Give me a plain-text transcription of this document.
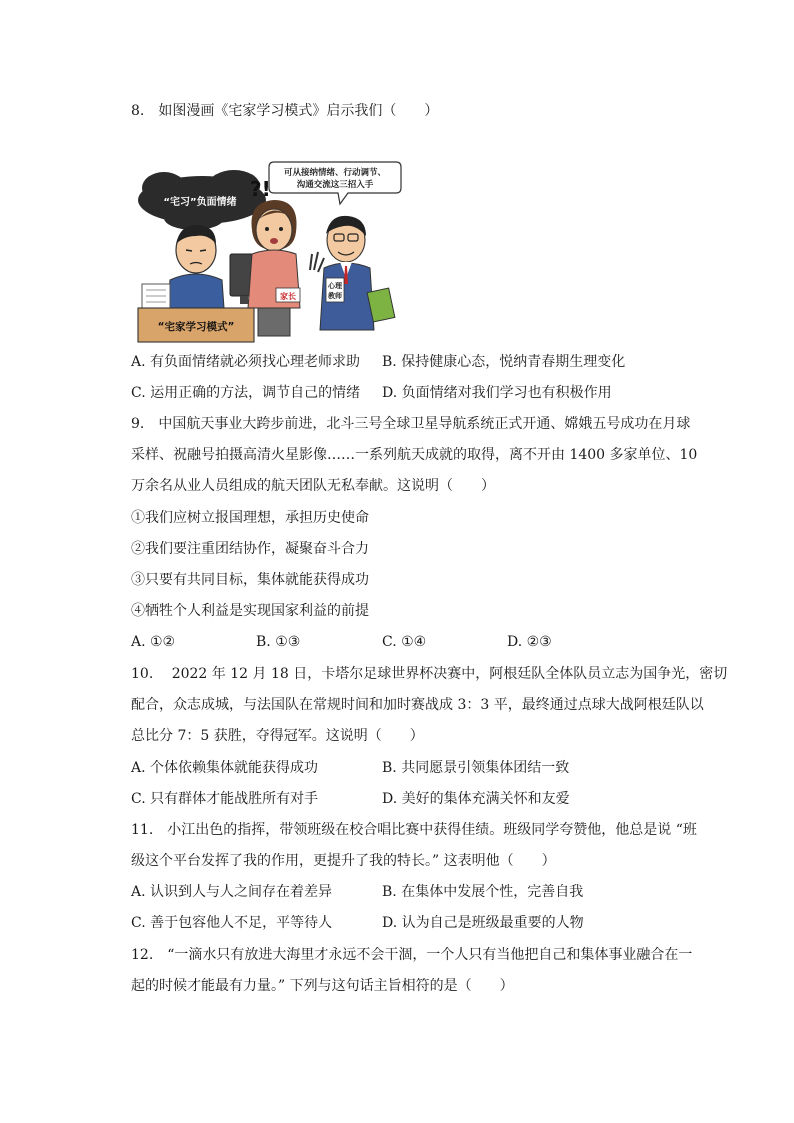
8.　如图漫画《宅家学习模式》启示我们（　　）
“宅习”负面情绪
可从接纳情绪、行动调节、
沟通交流这三招入手
?!
家长
心理
教师
“宅家学习模式”
A. 有负面情绪就必须找心理老师求助 B. 保持健康心态，悦纳青春期生理变化
C. 运用正确的方法，调节自己的情绪 D. 负面情绪对我们学习也有积极作用
9.　中国航天事业大跨步前进，北斗三号全球卫星导航系统正式开通、嫦娥五号成功在月球
采样、祝融号拍摄高清火星影像……一系列航天成就的取得，离不开由 1400 多家单位、10
万余名从业人员组成的航天团队无私奉献。这说明（　　）
①我们应树立报国理想，承担历史使命
②我们要注重团结协作，凝聚奋斗合力
③只要有共同目标，集体就能获得成功
④牺牲个人利益是实现国家利益的前提
A. ①②	B. ①③	C. ①④	D. ②③
10.　 2022 年 12 月 18 日，卡塔尔足球世界杯决赛中，阿根廷队全体队员立志为国争光，密切
配合，众志成城，与法国队在常规时间和加时赛战成 3：3 平，最终通过点球大战阿根廷队以
总比分 7：5 获胜，夺得冠军。这说明（　　）
A. 个体依赖集体就能获得成功	B. 共同愿景引领集体团结一致
C. 只有群体才能战胜所有对手	D. 美好的集体充满关怀和友爱
11.　小江出色的指挥，带领班级在校合唱比赛中获得佳绩。班级同学夸赞他，他总是说 “班
级这个平台发挥了我的作用，更提升了我的特长。” 这表明他（　　）
A. 认识到人与人之间存在着差异	B. 在集体中发展个性，完善自我
C. 善于包容他人不足，平等待人	D. 认为自己是班级最重要的人物
12.　“一滴水只有放进大海里才永远不会干涸，一个人只有当他把自己和集体事业融合在一
起的时候才能最有力量。” 下列与这句话主旨相符的是（　　）
